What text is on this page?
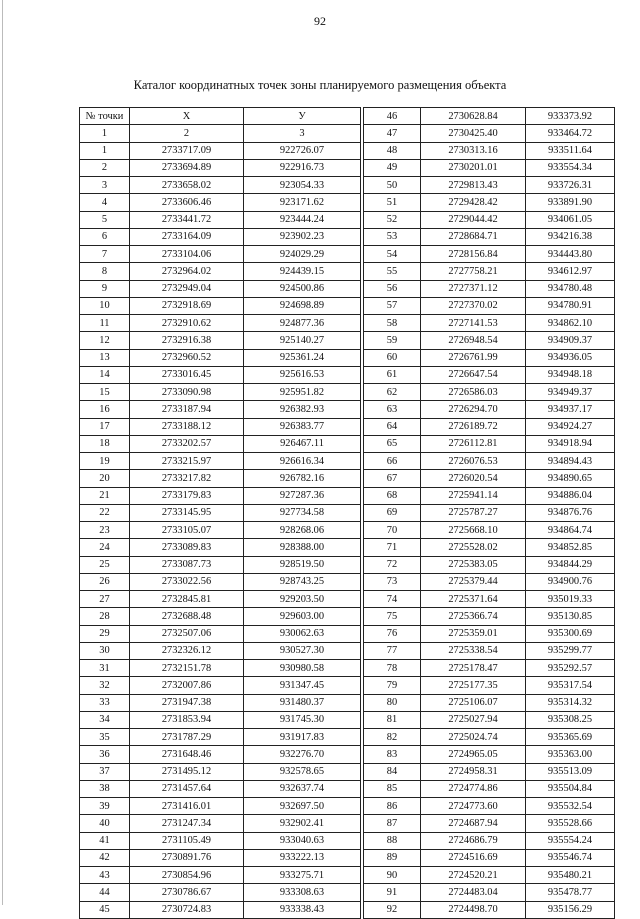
92
Каталог координатных точек зоны планируемого размещения объекта
№ точки	Х	У
1	2	3
1	2733717.09	922726.07
2	2733694.89	922916.73
3	2733658.02	923054.33
4	2733606.46	923171.62
5	2733441.72	923444.24
6	2733164.09	923902.23
7	2733104.06	924029.29
8	2732964.02	924439.15
9	2732949.04	924500.86
10	2732918.69	924698.89
11	2732910.62	924877.36
12	2732916.38	925140.27
13	2732960.52	925361.24
14	2733016.45	925616.53
15	2733090.98	925951.82
16	2733187.94	926382.93
17	2733188.12	926383.77
18	2733202.57	926467.11
19	2733215.97	926616.34
20	2733217.82	926782.16
21	2733179.83	927287.36
22	2733145.95	927734.58
23	2733105.07	928268.06
24	2733089.83	928388.00
25	2733087.73	928519.50
26	2733022.56	928743.25
27	2732845.81	929203.50
28	2732688.48	929603.00
29	2732507.06	930062.63
30	2732326.12	930527.30
31	2732151.78	930980.58
32	2732007.86	931347.45
33	2731947.38	931480.37
34	2731853.94	931745.30
35	2731787.29	931917.83
36	2731648.46	932276.70
37	2731495.12	932578.65
38	2731457.64	932637.74
39	2731416.01	932697.50
40	2731247.34	932902.41
41	2731105.49	933040.63
42	2730891.76	933222.13
43	2730854.96	933275.71
44	2730786.67	933308.63
45	2730724.83	933338.43
46	2730628.84	933373.92
47	2730425.40	933464.72
48	2730313.16	933511.64
49	2730201.01	933554.34
50	2729813.43	933726.31
51	2729428.42	933891.90
52	2729044.42	934061.05
53	2728684.71	934216.38
54	2728156.84	934443.80
55	2727758.21	934612.97
56	2727371.12	934780.48
57	2727370.02	934780.91
58	2727141.53	934862.10
59	2726948.54	934909.37
60	2726761.99	934936.05
61	2726647.54	934948.18
62	2726586.03	934949.37
63	2726294.70	934937.17
64	2726189.72	934924.27
65	2726112.81	934918.94
66	2726076.53	934894.43
67	2726020.54	934890.65
68	2725941.14	934886.04
69	2725787.27	934876.76
70	2725668.10	934864.74
71	2725528.02	934852.85
72	2725383.05	934844.29
73	2725379.44	934900.76
74	2725371.64	935019.33
75	2725366.74	935130.85
76	2725359.01	935300.69
77	2725338.54	935299.77
78	2725178.47	935292.57
79	2725177.35	935317.54
80	2725106.07	935314.32
81	2725027.94	935308.25
82	2725024.74	935365.69
83	2724965.05	935363.00
84	2724958.31	935513.09
85	2724774.86	935504.84
86	2724773.60	935532.54
87	2724687.94	935528.66
88	2724686.79	935554.24
89	2724516.69	935546.74
90	2724520.21	935480.21
91	2724483.04	935478.77
92	2724498.70	935156.29
